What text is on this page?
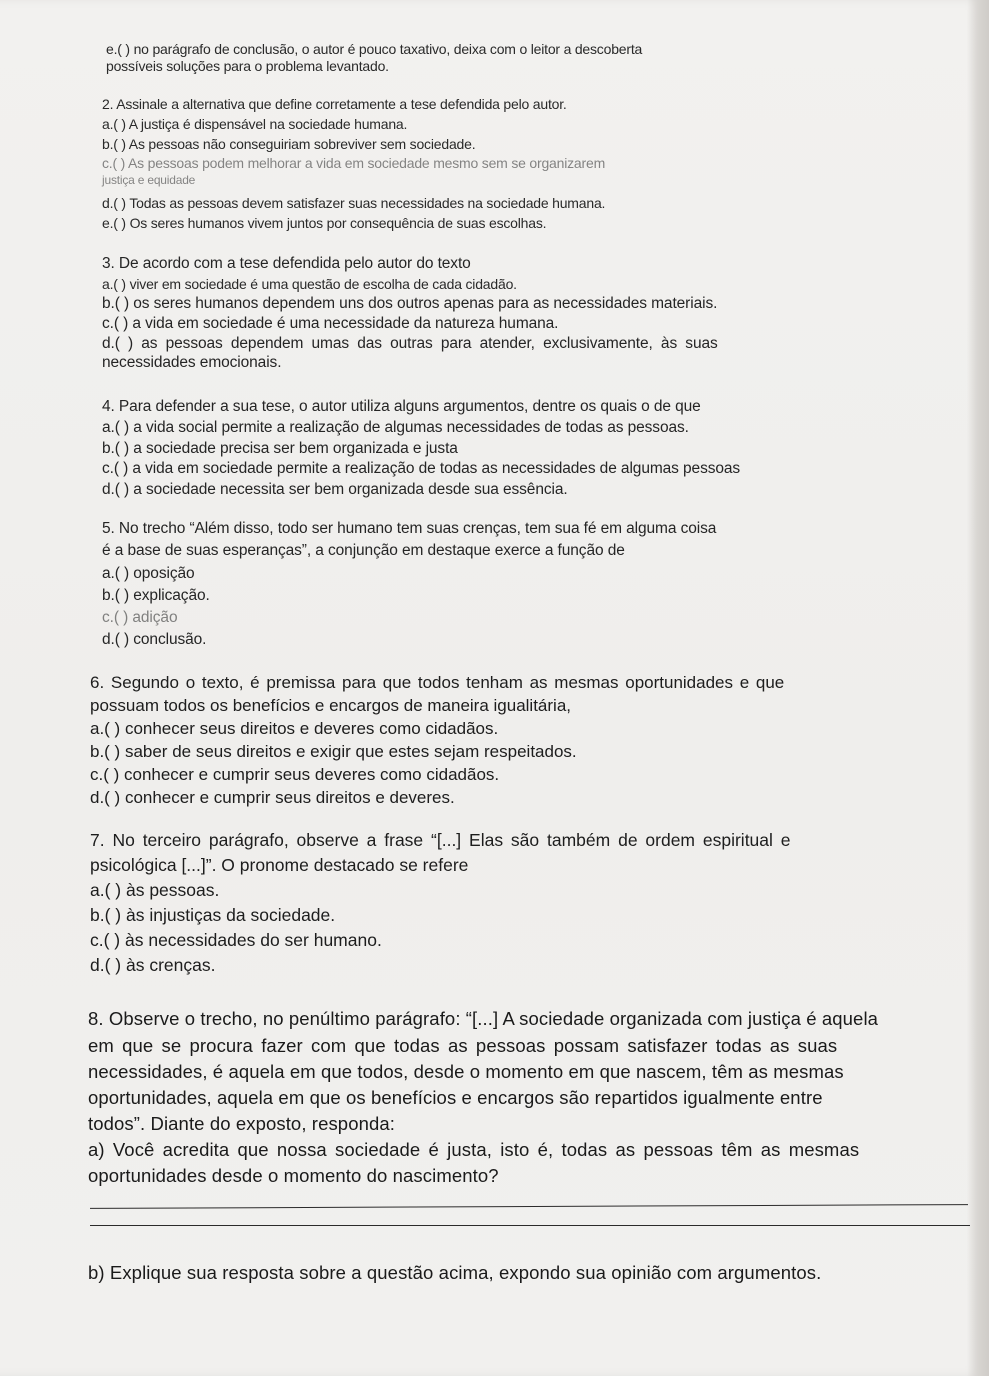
e.( ) no parágrafo de conclusão, o autor é pouco taxativo, deixa com o leitor a descoberta
possíveis soluções para o problema levantado.
2. Assinale a alternativa que define corretamente a tese defendida pelo autor.
a.( ) A justiça é dispensável na sociedade humana.
b.( ) As pessoas não conseguiriam sobreviver sem sociedade.
c.( ) As pessoas podem melhorar a vida em sociedade mesmo sem se organizarem
justiça e equidade
d.( ) Todas as pessoas devem satisfazer suas necessidades na sociedade humana.
e.( ) Os seres humanos vivem juntos por consequência de suas escolhas.
3. De acordo com a tese defendida pelo autor do texto
a.( ) viver em sociedade é uma questão de escolha de cada cidadão.
b.( ) os seres humanos dependem uns dos outros apenas para as necessidades materiais.
c.( ) a vida em sociedade é uma necessidade da natureza humana.
d.( ) as pessoas dependem umas das outras para atender, exclusivamente, às suas
necessidades emocionais.
4. Para defender a sua tese, o autor utiliza alguns argumentos, dentre os quais o de que
a.( ) a vida social permite a realização de algumas necessidades de todas as pessoas.
b.( ) a sociedade precisa ser bem organizada e justa
c.( ) a vida em sociedade permite a realização de todas as necessidades de algumas pessoas
d.( ) a sociedade necessita ser bem organizada desde sua essência.
5. No trecho “Além disso, todo ser humano tem suas crenças, tem sua fé em alguma coisa
é a base de suas esperanças”, a conjunção em destaque exerce a função de
a.( ) oposição
b.( ) explicação.
c.( ) adição
d.( ) conclusão.
6. Segundo o texto, é premissa para que todos tenham as mesmas oportunidades e que
possuam todos os benefícios e encargos de maneira igualitária,
a.( ) conhecer seus direitos e deveres como cidadãos.
b.( ) saber de seus direitos e exigir que estes sejam respeitados.
c.( ) conhecer e cumprir seus deveres como cidadãos.
d.( ) conhecer e cumprir seus direitos e deveres.
7. No terceiro parágrafo, observe a frase “[...] Elas são também de ordem espiritual e
psicológica [...]”. O pronome destacado se refere
a.( ) às pessoas.
b.( ) às injustiças da sociedade.
c.( ) às necessidades do ser humano.
d.( ) às crenças.
8. Observe o trecho, no penúltimo parágrafo: “[...] A sociedade organizada com justiça é aquela
em que se procura fazer com que todas as pessoas possam satisfazer todas as suas
necessidades, é aquela em que todos, desde o momento em que nascem, têm as mesmas
oportunidades, aquela em que os benefícios e encargos são repartidos igualmente entre
todos”. Diante do exposto, responda:
a) Você acredita que nossa sociedade é justa, isto é, todas as pessoas têm as mesmas
oportunidades desde o momento do nascimento?
b) Explique sua resposta sobre a questão acima, expondo sua opinião com argumentos.
